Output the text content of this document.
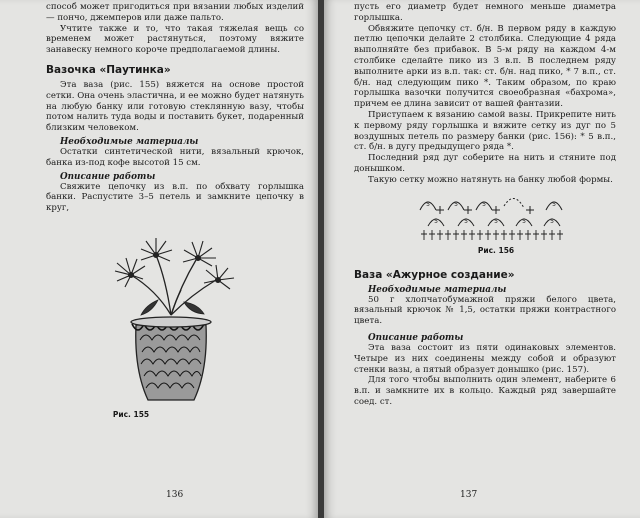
способ может пригодиться при вязании любых изделий — пончо, джемперов или даже пальто.

Учтите также и то, что такая тяжелая вещь со временем может растянуться, поэтому вяжите занавеску немного короче предполагаемой длины.

Вазочка «Паутинка»

Эта ваза (рис. 155) вяжется на основе простой сетки. Она очень эластична, и ее можно будет натянуть на любую банку или готовую стеклянную вазу, чтобы потом налить туда воды и поставить букет, подаренный близким человеком.

Необходимые материалы

Остатки синтетической нити, вязальный крючок, банка из-под кофе высотой 15 см.

Описание работы

Свяжите цепочку из в.п. по обхвату горлышка банки. Распустите 3–5 петель и замкните цепочку в круг,

Рис. 155
136

пусть его диаметр будет немного меньше диаметра горлышка.

Обвяжите цепочку ст. б/н. В первом ряду в каждую петлю цепочки делайте 2 столбика. Следующие 4 ряда выполняйте без прибавок. В 5-м ряду на каждом 4-м столбике сделайте пико из 3 в.п. В последнем ряду выполните арки из в.п. так: ст. б/н. над пико, * 7 в.п., ст. б/н. над следующим пико *. Таким образом, по краю горлышка вазочки получится своеобразная «бахрома», причем ее длина зависит от вашей фантазии.

Приступаем к вязанию самой вазы. Прикрепите нить к первому ряду горлышка и вяжите сетку из дуг по 5 воздушных петель по размеру банки (рис. 156): * 5 в.п., ст. б/н. в дугу предыдущего ряда *.

Последний ряд дуг соберите на нить и стяните под донышком.

Такую сетку можно натянуть на банку любой формы.

5	5	5	5
5	5	5	5	5
Рис. 156
Ваза «Ажурное создание»
Необходимые материалы

50 г хлопчатобумажной пряжи белого цвета, вязальный крючок № 1,5, остатки пряжи контрастного цвета.

Описание работы

Эта ваза состоит из пяти одинаковых элементов. Четыре из них соединены между собой и образуют стенки вазы, а пятый образует донышко (рис. 157).

Для того чтобы выполнить один элемент, наберите 6 в.п. и замкните их в кольцо. Каждый ряд завершайте соед. ст.

137
